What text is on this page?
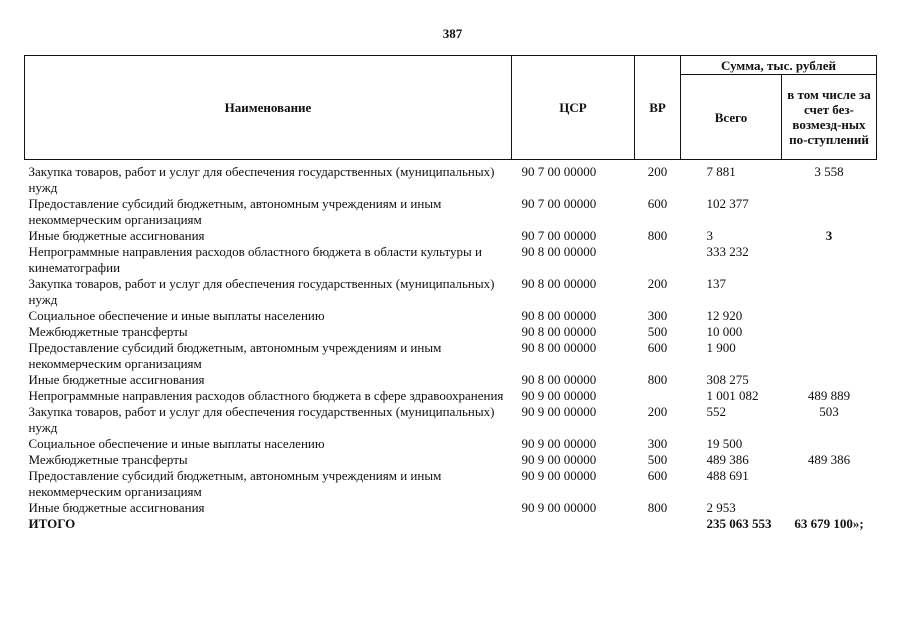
387
Наименование	ЦСР	ВР	Сумма, тыс. рублей	
			Всего	в том числе за счет без-возмезд-ных по-ступлений
Закупка товаров, работ и услуг для обеспечения государственных (муниципальных) нужд	90 7 00 00000	200	7 881	3 558
Предоставление субсидий бюджетным, автономным учреждениям и иным некоммерческим организациям	90 7 00 00000	600	102 377	
Иные бюджетные ассигнования	90 7 00 00000	800	3	3
Непрограммные направления расходов областного бюджета в области культуры и кинематографии	90 8 00 00000		333 232	
Закупка товаров, работ и услуг для обеспечения государственных (муниципальных) нужд	90 8 00 00000	200	137	
Социальное обеспечение и иные выплаты населению	90 8 00 00000	300	12 920	
Межбюджетные трансферты	90 8 00 00000	500	10 000	
Предоставление субсидий бюджетным, автономным учреждениям и иным некоммерческим организациям	90 8 00 00000	600	1 900	
Иные бюджетные ассигнования	90 8 00 00000	800	308 275	
Непрограммные направления расходов областного бюджета в сфере здравоохранения	90 9 00 00000		1 001 082	489 889
Закупка товаров, работ и услуг для обеспечения государственных (муниципальных) нужд	90 9 00 00000	200	552	503
Социальное обеспечение и иные выплаты населению	90 9 00 00000	300	19 500	
Межбюджетные трансферты	90 9 00 00000	500	489 386	489 386
Предоставление субсидий бюджетным, автономным учреждениям и иным некоммерческим организациям	90 9 00 00000	600	488 691	
Иные бюджетные ассигнования	90 9 00 00000	800	2 953	
ИТОГО			235 063 553	63 679 100»;
